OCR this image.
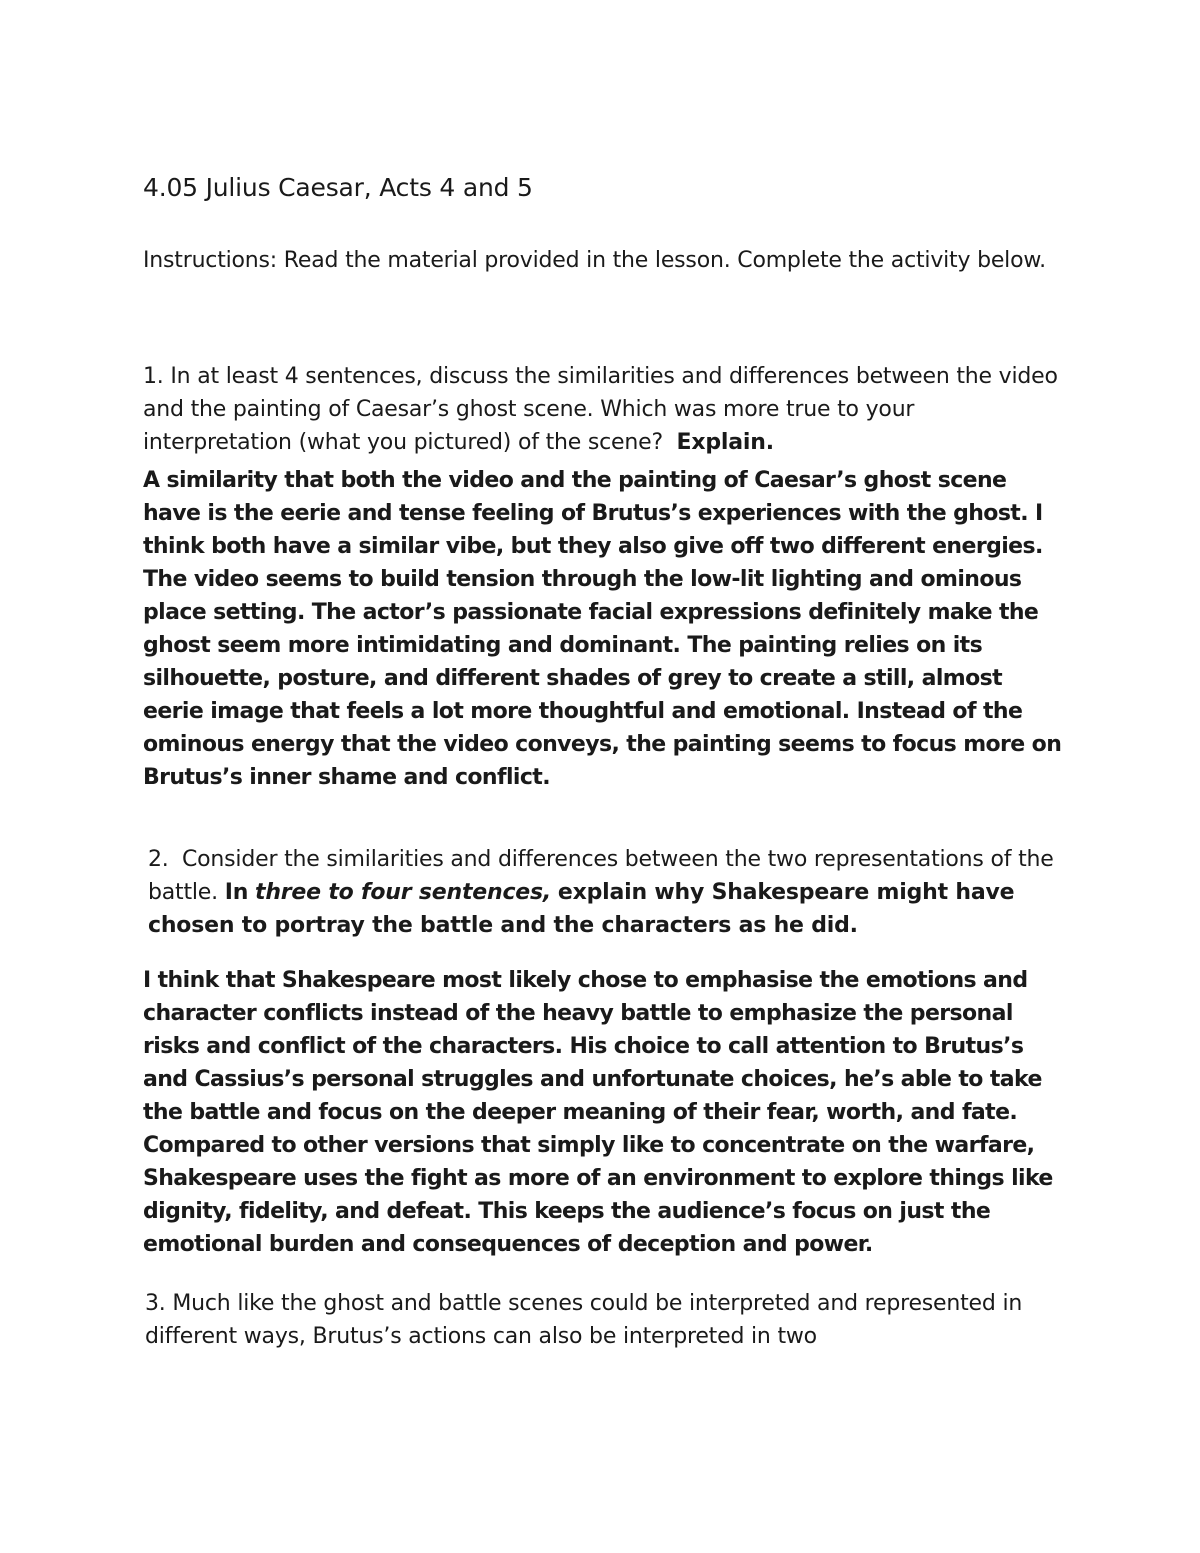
4.05 Julius Caesar, Acts 4 and 5

Instructions: Read the material provided in the lesson. Complete the activity below.

1. In at least 4 sentences, discuss the similarities and differences between the video and the painting of Caesar’s ghost scene. Which was more true to your interpretation (what you pictured) of the scene? Explain.

A similarity that both the video and the painting of Caesar’s ghost scene have is the eerie and tense feeling of Brutus’s experiences with the ghost. I think both have a similar vibe, but they also give off two different energies. The video seems to build tension through the low-lit lighting and ominous place setting. The actor’s passionate facial expressions definitely make the ghost seem more intimidating and dominant. The painting relies on its silhouette, posture, and different shades of grey to create a still, almost eerie image that feels a lot more thoughtful and emotional. Instead of the ominous energy that the video conveys, the painting seems to focus more on Brutus’s inner shame and conflict.

2. Consider the similarities and differences between the two representations of the battle. In three to four sentences, explain why Shakespeare might have chosen to portray the battle and the characters as he did.

I think that Shakespeare most likely chose to emphasise the emotions and character conflicts instead of the heavy battle to emphasize the personal risks and conflict of the characters. His choice to call attention to Brutus’s and Cassius’s personal struggles and unfortunate choices, he’s able to take the battle and focus on the deeper meaning of their fear, worth, and fate. Compared to other versions that simply like to concentrate on the warfare, Shakespeare uses the fight as more of an environment to explore things like dignity, fidelity, and defeat. This keeps the audience’s focus on just the emotional burden and consequences of deception and power.

3. Much like the ghost and battle scenes could be interpreted and represented in different ways, Brutus’s actions can also be interpreted in two
